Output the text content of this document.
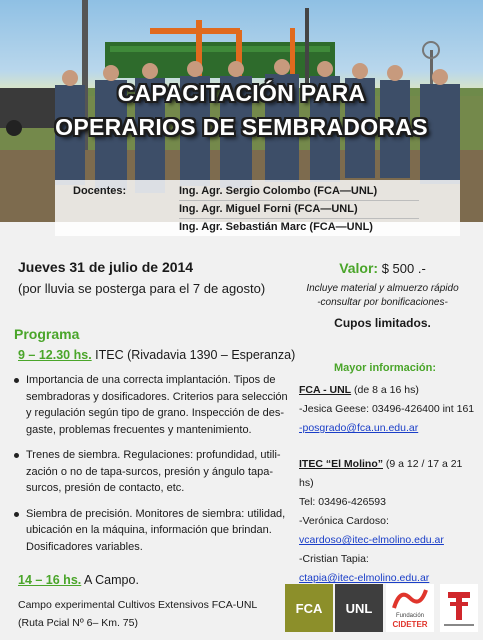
CAPACITACIÓN PARA
OPERARIOS DE SEMBRADORAS
Docentes:	Ing. Agr. Sergio Colombo (FCA—UNL)
Ing. Agr. Miguel Forni (FCA—UNL)
Ing. Agr. Sebastián Marc (FCA—UNL)
Jueves 31 de julio de 2014
(por lluvia se posterga para el 7 de agosto)
Valor: $ 500 .-
Incluye material y almuerzo rápido
-consultar por bonificaciones-
Cupos limitados.
Programa
9 – 12.30 hs. ITEC (Rivadavia 1390 – Esperanza)
Importancia de una correcta implantación. Tipos de sembradoras y dosificadores. Criterios para selección y regulación según tipo de grano. Inspección de des-gaste, problemas frecuentes y mantenimiento.
Trenes de siembra. Regulaciones: profundidad, utili-zación o no de tapa-surcos, presión y ángulo tapa-surcos, presión de contacto, etc.
Siembra de precisión. Monitores de siembra: utilidad, ubicación en la máquina, información que brindan. Dosificadores variables.
14 – 16 hs. A Campo.
Campo experimental Cultivos Extensivos FCA-UNL
(Ruta Pcial Nº 6– Km. 75)
Mayor información:
FCA - UNL (de 8 a 16 hs)
-Jesica Geese: 03496-426400 int 161
-posgrado@fca.un.edu.ar
ITEC “El Molino” (9 a 12 / 17 a 21 hs)
Tel: 03496-426593
-Verónica Cardoso:
vcardoso@itec-elmolino.edu.ar
-Cristian Tapia:
ctapia@itec-elmolino.edu.ar
FCA	UNL
Fundación
CIDETER
